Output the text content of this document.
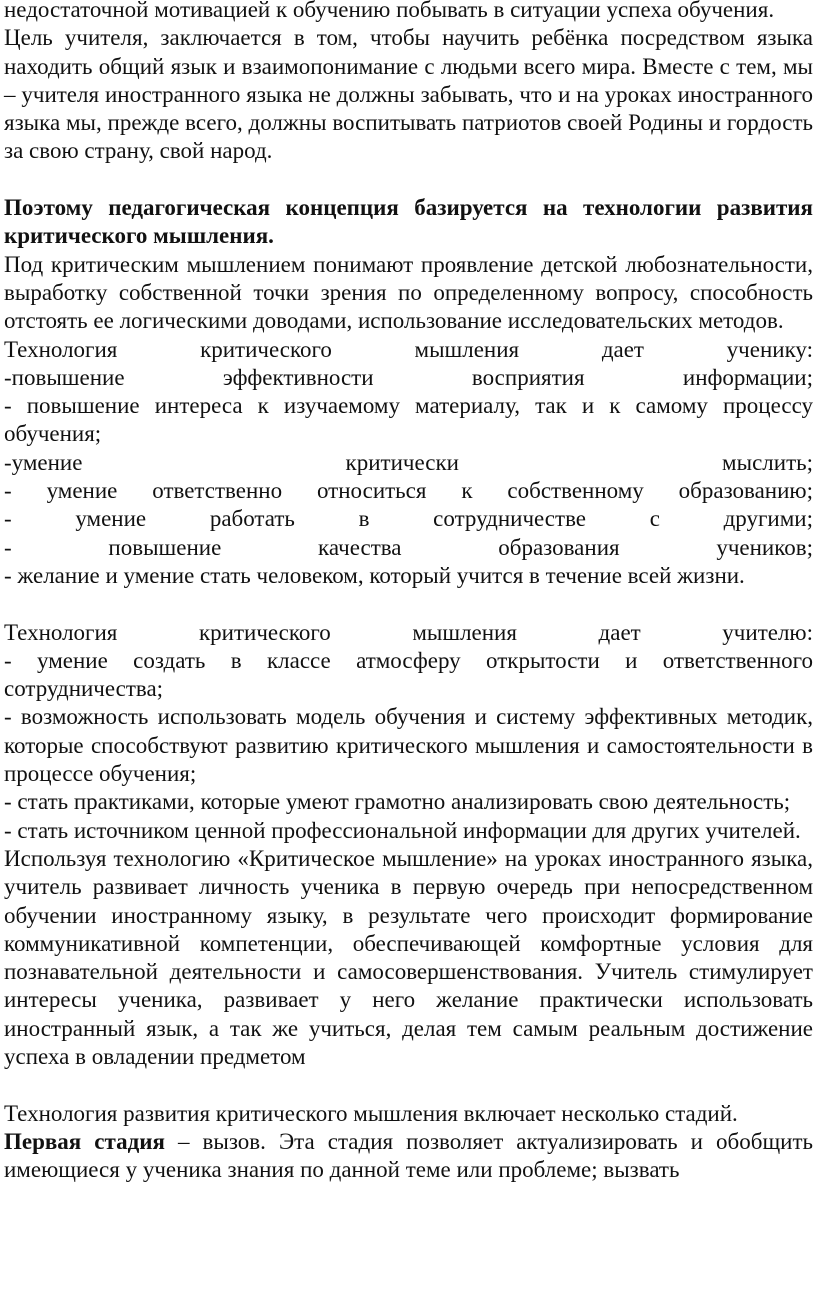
недостаточной мотивацией к обучению побывать в ситуации успеха обучения.

Цель учителя, заключается в том, чтобы научить ребёнка посредством языка находить общий язык и взаимопонимание с людьми всего мира. Вместе с тем, мы – учителя иностранного языка не должны забывать, что и на уроках иностранного языка мы, прежде всего, должны воспитывать патриотов своей Родины и гордость за свою страну, свой народ.

Поэтому педагогическая концепция базируется на технологии развития критического мышления.

Под критическим мышлением понимают проявление детской любознательности, выработку собственной точки зрения по определенному вопросу, способность отстоять ее логическими доводами, использование исследовательских методов.

Технология критического мышления дает ученику:

-повышение эффективности восприятия информации;

- повышение интереса к изучаемому материалу, так и к самому процессу обучения;

-умение критически мыслить;

- умение ответственно относиться к собственному образованию;

- умение работать в сотрудничестве с другими;

- повышение качества образования учеников;

- желание и умение стать человеком, который учится в течение всей жизни.

Технология критического мышления дает учителю:

- умение создать в классе атмосферу открытости и ответственного сотрудничества;

- возможность использовать модель обучения и систему эффективных методик, которые способствуют развитию критического мышления и самостоятельности в процессе обучения;

- стать практиками, которые умеют грамотно анализировать свою деятельность;

- стать источником ценной профессиональной информации для других учителей.

Используя технологию «Критическое мышление» на уроках иностранного языка, учитель развивает личность ученика в первую очередь при непосредственном обучении иностранному языку, в результате чего происходит формирование коммуникативной компетенции, обеспечивающей комфортные условия для познавательной деятельности и самосовершенствования. Учитель стимулирует интересы ученика, развивает у него желание практически использовать иностранный язык, а так же учиться, делая тем самым реальным достижение успеха в овладении предметом

Технология развития критического мышления включает несколько стадий.

Первая стадия – вызов. Эта стадия позволяет актуализировать и обобщить имеющиеся у ученика знания по данной теме или проблеме; вызвать
